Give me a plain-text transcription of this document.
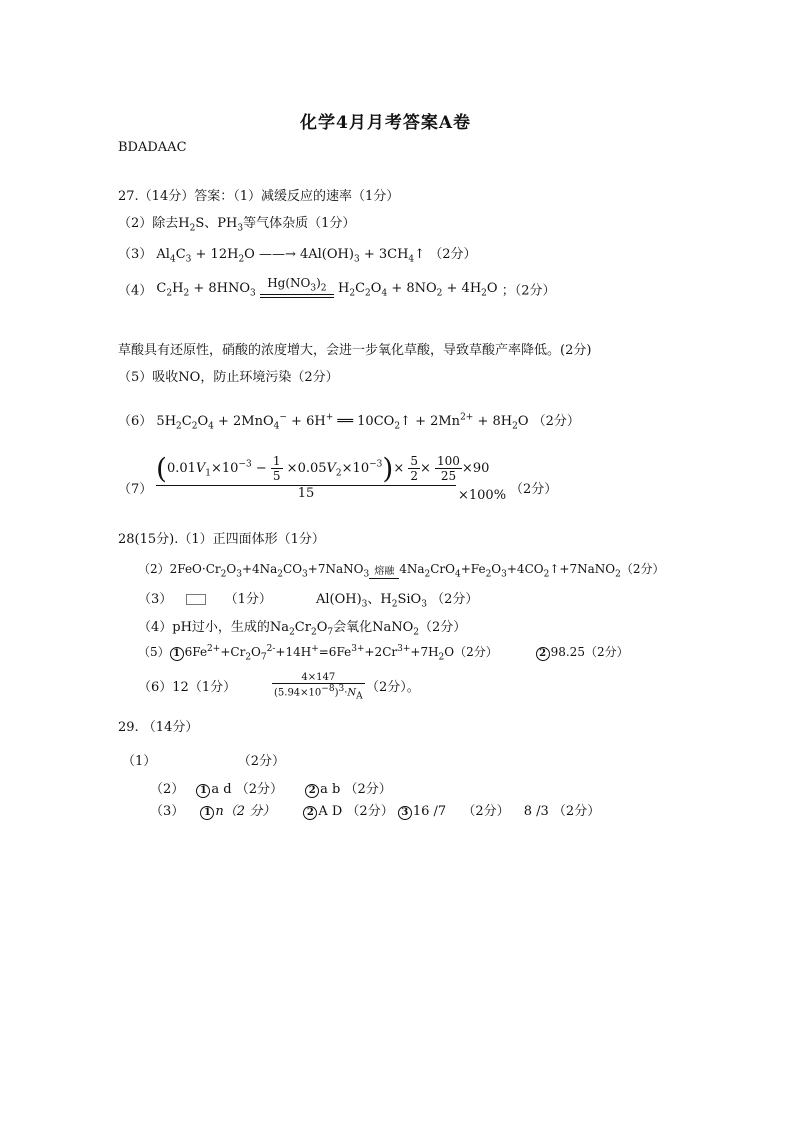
化学4月月考答案A卷
BDADAAC
27.（14分）答案：（1）减缓反应的速率（1分）
（2）除去$H_2S$、$PH_3$等气体杂质（1分）
（3） $Al_4C_3 + 12H_2O$ ——→ $4Al(OH)_3$ + $3CH_4↑$ （2分）
（4） $C_2H_2 + 8HNO_3$
$Hg(NO_3)_2$ $H_2C_2O_4 + 8NO_2 + 4H_2O$ ；（2分）
草酸具有还原性，硝酸的浓度增大，会进一步氧化草酸，导致草酸产率降低。(2分)
（5）吸收NO，防止环境污染（2分）
（6） $5H_2C_2O_4 + 2MnO_4^- + 6H^+$ ══ $10CO_2↑ + 2Mn^{2+} + 8H_2O$ （2分）
（7）
$(0.01V_1\times 10^{-3} - \frac{1}{5} \times 0.05V_2\times 10^{-3})\times \frac{5}{2} \times \frac{100}{25} \times 90$
15	×100% （2分）
28(15分).（1）正四面体形（1分）
$(2)2FeO\cdot Cr_2O_3+4Na_2CO_3+7NaNO_3$ 熔融 $4Na_2CrO_4+Fe_2O_3+4CO_2↑+7NaNO_2(2$分）
（3）	（1分）	$Al(OH)_3$、$H_2SiO_3$ （2分）
（4）pH过小，生成的$Na_2Cr_2O_7$会氧化NaNO$_2$（2分）
（5） 1 $6Fe^{2+}+Cr_2O_7^{2-}+14H^+=6Fe^{3+}+2Cr^{3+}+7H_2O(2$分）	2 98.25（2分）
（6）12（1分）	$\frac{4\times 147}{(5.94\times 10^{-8})^3\cdot N_A} (2$分）。
29. （14分）
（1）	（2分）
（2） 1 a d （2分）	2 a b （2分）
（3） 1 n（2 分）	2 A D （2分） 3 16 /7 （2分） 8 /3 （2分）
